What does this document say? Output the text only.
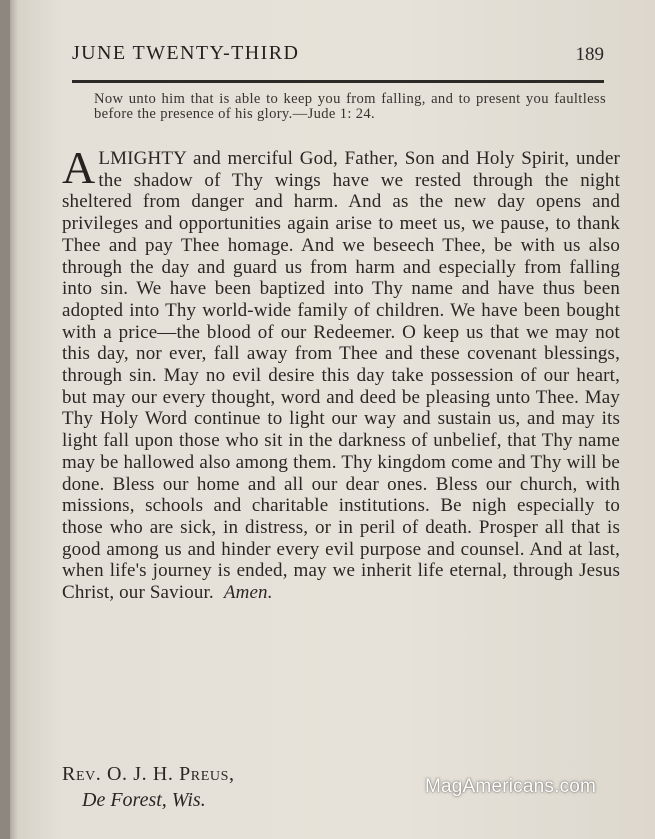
JUNE TWENTY-THIRD	189
Now unto him that is able to keep you from falling, and to present you faultless before the presence of his glory.—Jude 1: 24.
ALMIGHTY and merciful God, Father, Son and Holy Spirit, under the shadow of Thy wings have we rested through the night sheltered from danger and harm. And as the new day opens and privileges and opportunities again arise to meet us, we pause, to thank Thee and pay Thee homage. And we beseech Thee, be with us also through the day and guard us from harm and especially from falling into sin. We have been baptized into Thy name and have thus been adopted into Thy world-wide family of children. We have been bought with a price—the blood of our Redeemer. O keep us that we may not this day, nor ever, fall away from Thee and these covenant blessings, through sin. May no evil desire this day take possession of our heart, but may our every thought, word and deed be pleasing unto Thee. May Thy Holy Word continue to light our way and sustain us, and may its light fall upon those who sit in the darkness of unbelief, that Thy name may be hallowed also among them. Thy kingdom come and Thy will be done. Bless our home and all our dear ones. Bless our church, with missions, schools and charitable institutions. Be nigh especially to those who are sick, in distress, or in peril of death. Prosper all that is good among us and hinder every evil purpose and counsel. And at last, when life's journey is ended, may we inherit life eternal, through Jesus Christ, our Saviour. Amen.
Rev. O. J. H. Preus,
De Forest, Wis.
MagAmericans.com
